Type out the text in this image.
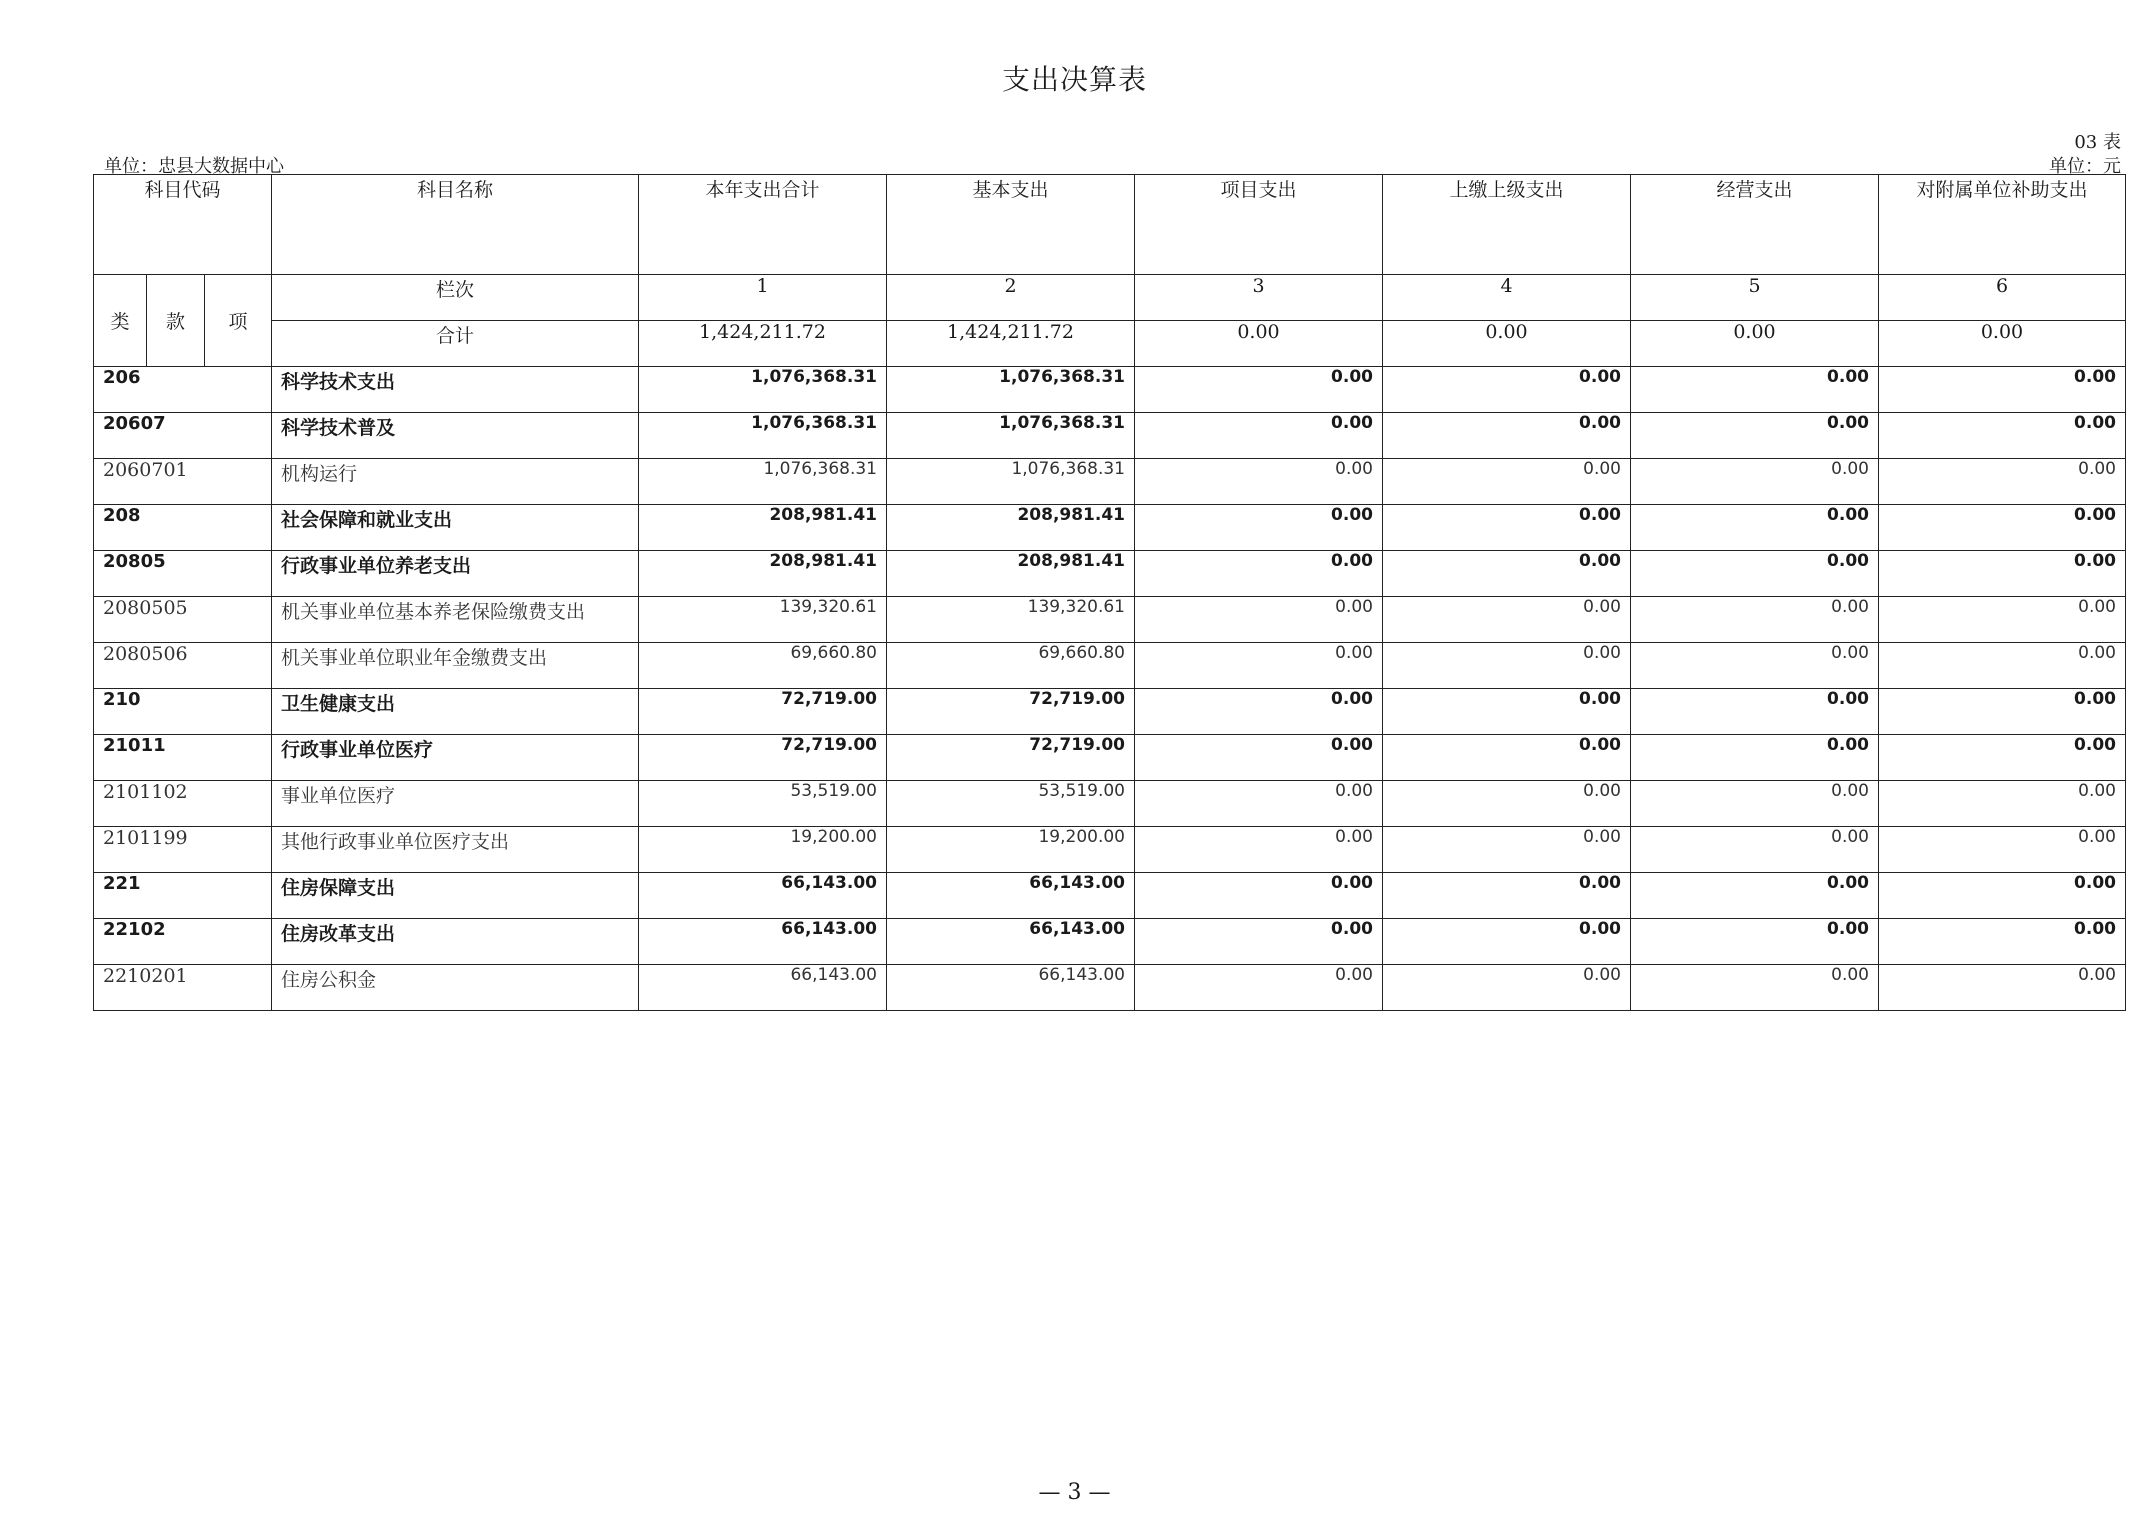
支出决算表
03 表
单位：忠县大数据中心	单位：元
科目代码			科目名称	本年支出合计	基本支出	项目支出	上缴上级支出	经营支出	对附属单位补助支出
类	款	项	栏次	1	2	3	4	5	6
			合计	1,424,211.72	1,424,211.72	0.00	0.00	0.00	0.00
206			科学技术支出	1,076,368.31	1,076,368.31	0.00	0.00	0.00	0.00
20607			科学技术普及	1,076,368.31	1,076,368.31	0.00	0.00	0.00	0.00
2060701			机构运行	1,076,368.31	1,076,368.31	0.00	0.00	0.00	0.00
208			社会保障和就业支出	208,981.41	208,981.41	0.00	0.00	0.00	0.00
20805			行政事业单位养老支出	208,981.41	208,981.41	0.00	0.00	0.00	0.00
2080505			机关事业单位基本养老保险缴费支出	139,320.61	139,320.61	0.00	0.00	0.00	0.00
2080506			机关事业单位职业年金缴费支出	69,660.80	69,660.80	0.00	0.00	0.00	0.00
210			卫生健康支出	72,719.00	72,719.00	0.00	0.00	0.00	0.00
21011			行政事业单位医疗	72,719.00	72,719.00	0.00	0.00	0.00	0.00
2101102			事业单位医疗	53,519.00	53,519.00	0.00	0.00	0.00	0.00
2101199			其他行政事业单位医疗支出	19,200.00	19,200.00	0.00	0.00	0.00	0.00
221			住房保障支出	66,143.00	66,143.00	0.00	0.00	0.00	0.00
22102			住房改革支出	66,143.00	66,143.00	0.00	0.00	0.00	0.00
2210201			住房公积金	66,143.00	66,143.00	0.00	0.00	0.00	0.00
— 3 —
